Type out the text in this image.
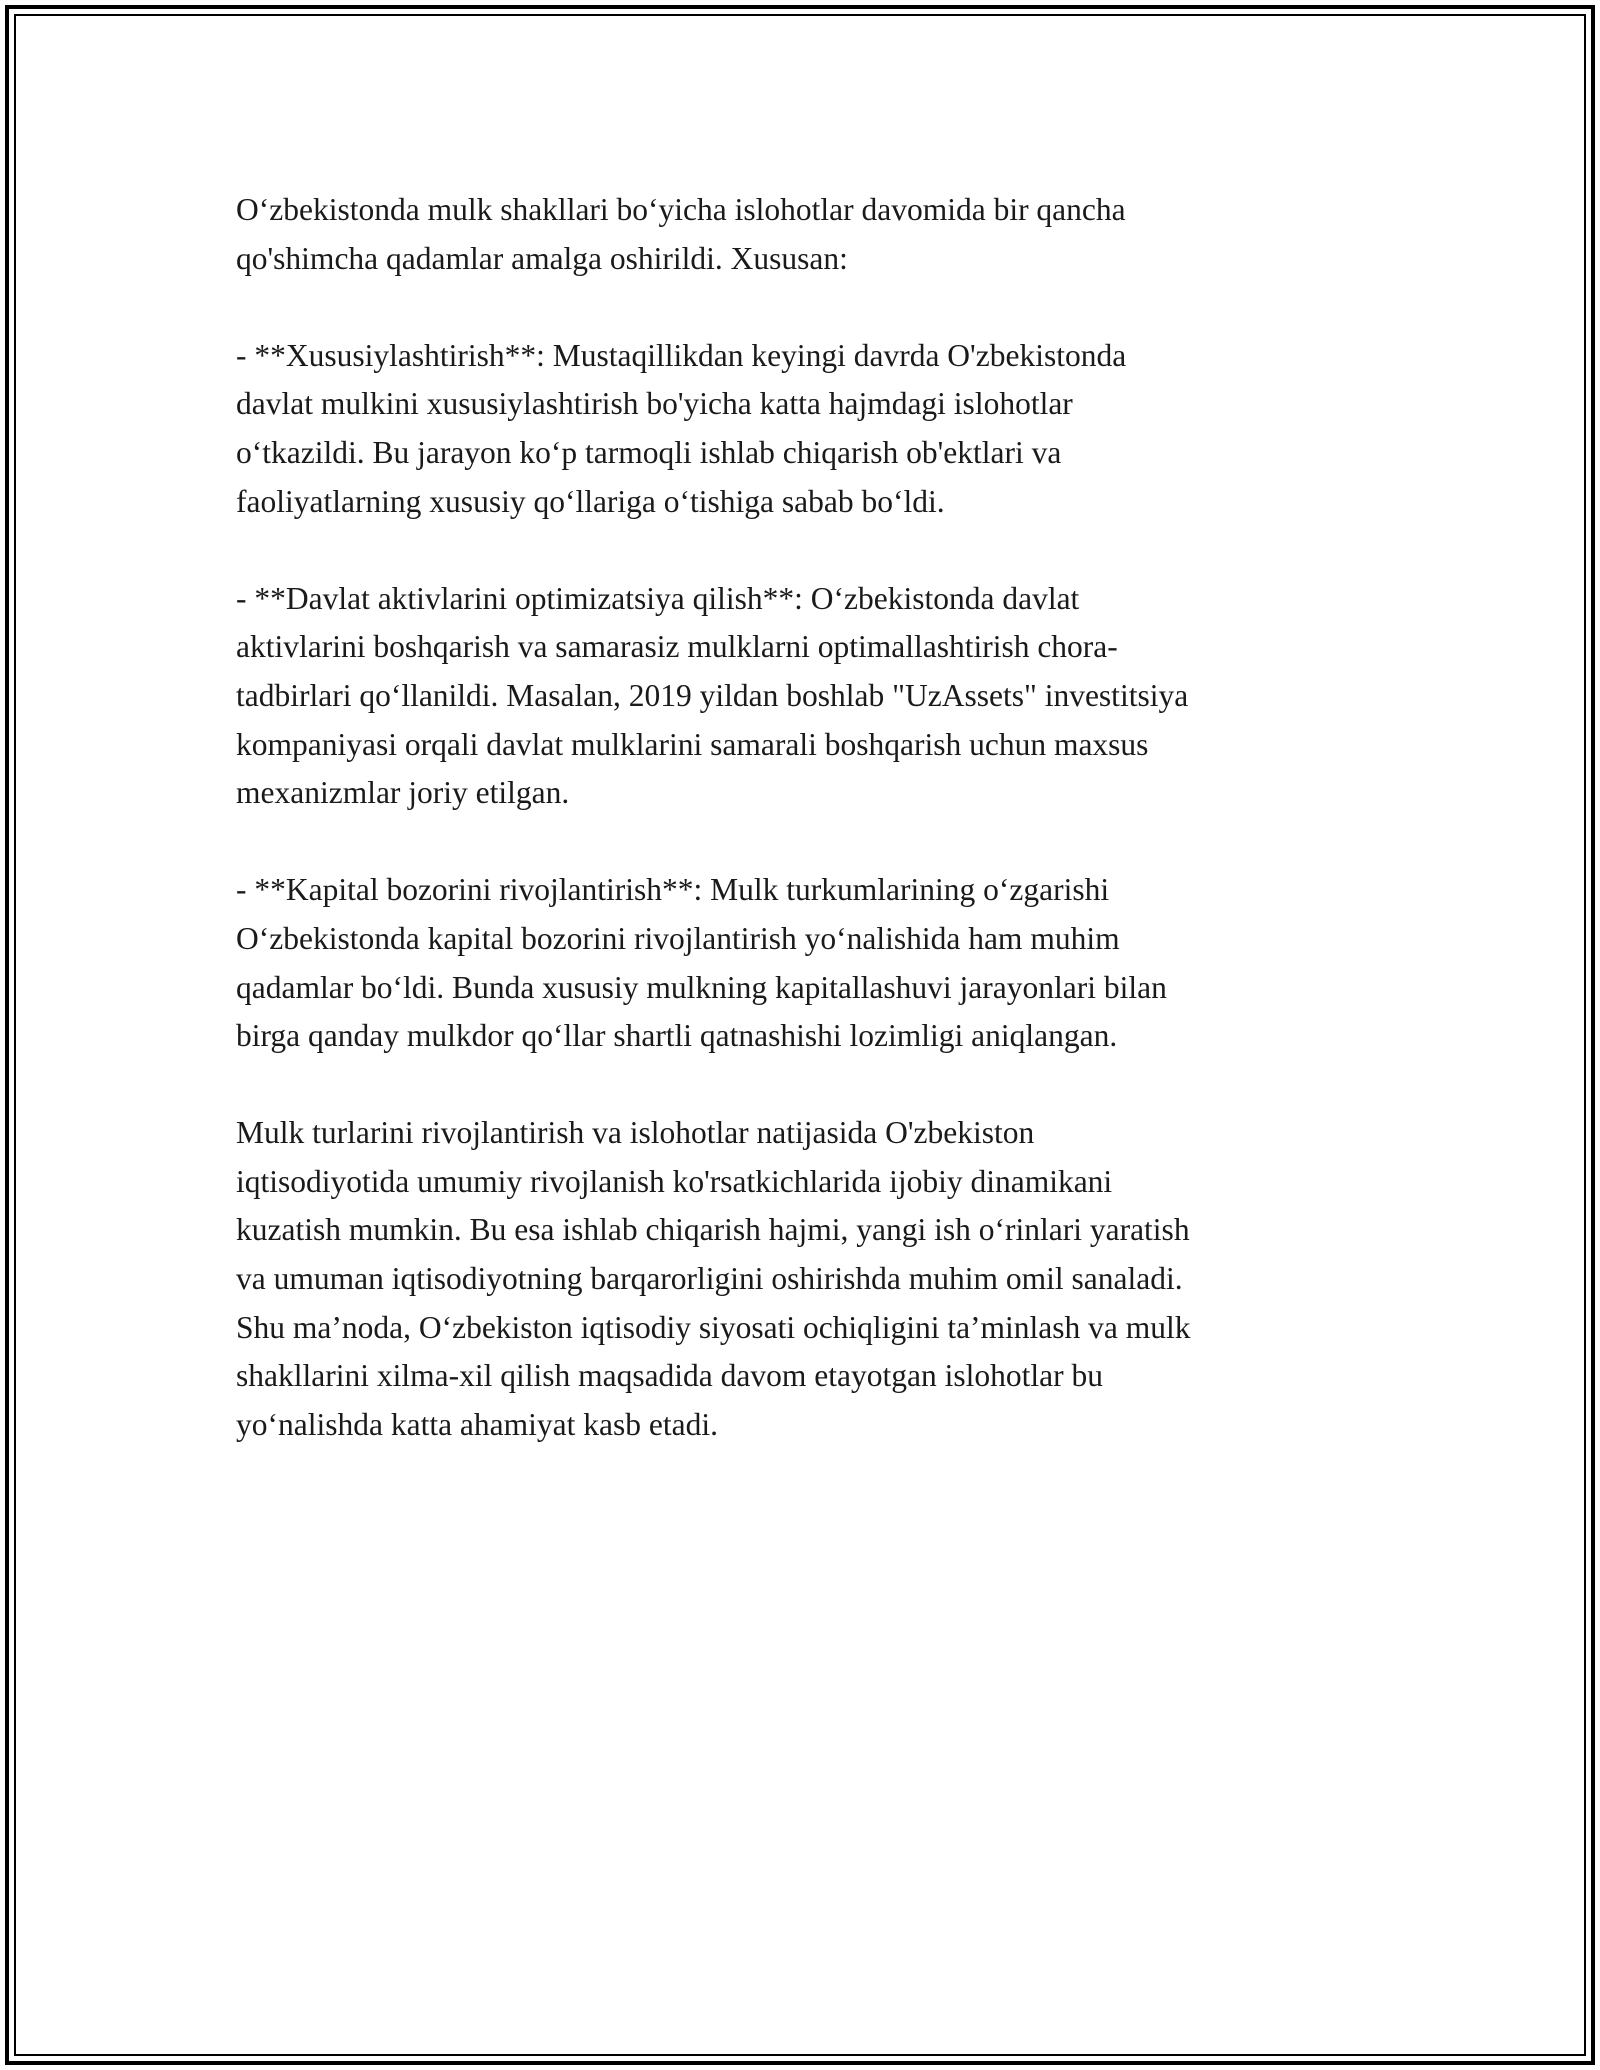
O‘zbekistonda mulk shakllari bo‘yicha islohotlar davomida bir qancha
qo'shimcha qadamlar amalga oshirildi. Xususan:

- **Xususiylashtirish**: Mustaqillikdan keyingi davrda O'zbekistonda
davlat mulkini xususiylashtirish bo'yicha katta hajmdagi islohotlar
o‘tkazildi. Bu jarayon ko‘p tarmoqli ishlab chiqarish ob'ektlari va
faoliyatlarning xususiy qo‘llariga o‘tishiga sabab bo‘ldi.

- **Davlat aktivlarini optimizatsiya qilish**: O‘zbekistonda davlat
aktivlarini boshqarish va samarasiz mulklarni optimallashtirish chora-
tadbirlari qo‘llanildi. Masalan, 2019 yildan boshlab "UzAssets" investitsiya
kompaniyasi orqali davlat mulklarini samarali boshqarish uchun maxsus
mexanizmlar joriy etilgan.

- **Kapital bozorini rivojlantirish**: Mulk turkumlarining o‘zgarishi
O‘zbekistonda kapital bozorini rivojlantirish yo‘nalishida ham muhim
qadamlar bo‘ldi. Bunda xususiy mulkning kapitallashuvi jarayonlari bilan
birga qanday mulkdor qo‘llar shartli qatnashishi lozimligi aniqlangan.

Mulk turlarini rivojlantirish va islohotlar natijasida O'zbekiston
iqtisodiyotida umumiy rivojlanish ko'rsatkichlarida ijobiy dinamikani
kuzatish mumkin. Bu esa ishlab chiqarish hajmi, yangi ish o‘rinlari yaratish
va umuman iqtisodiyotning barqarorligini oshirishda muhim omil sanaladi.
Shu ma’noda, O‘zbekiston iqtisodiy siyosati ochiqligini ta’minlash va mulk
shakllarini xilma-xil qilish maqsadida davom etayotgan islohotlar bu
yo‘nalishda katta ahamiyat kasb etadi.
